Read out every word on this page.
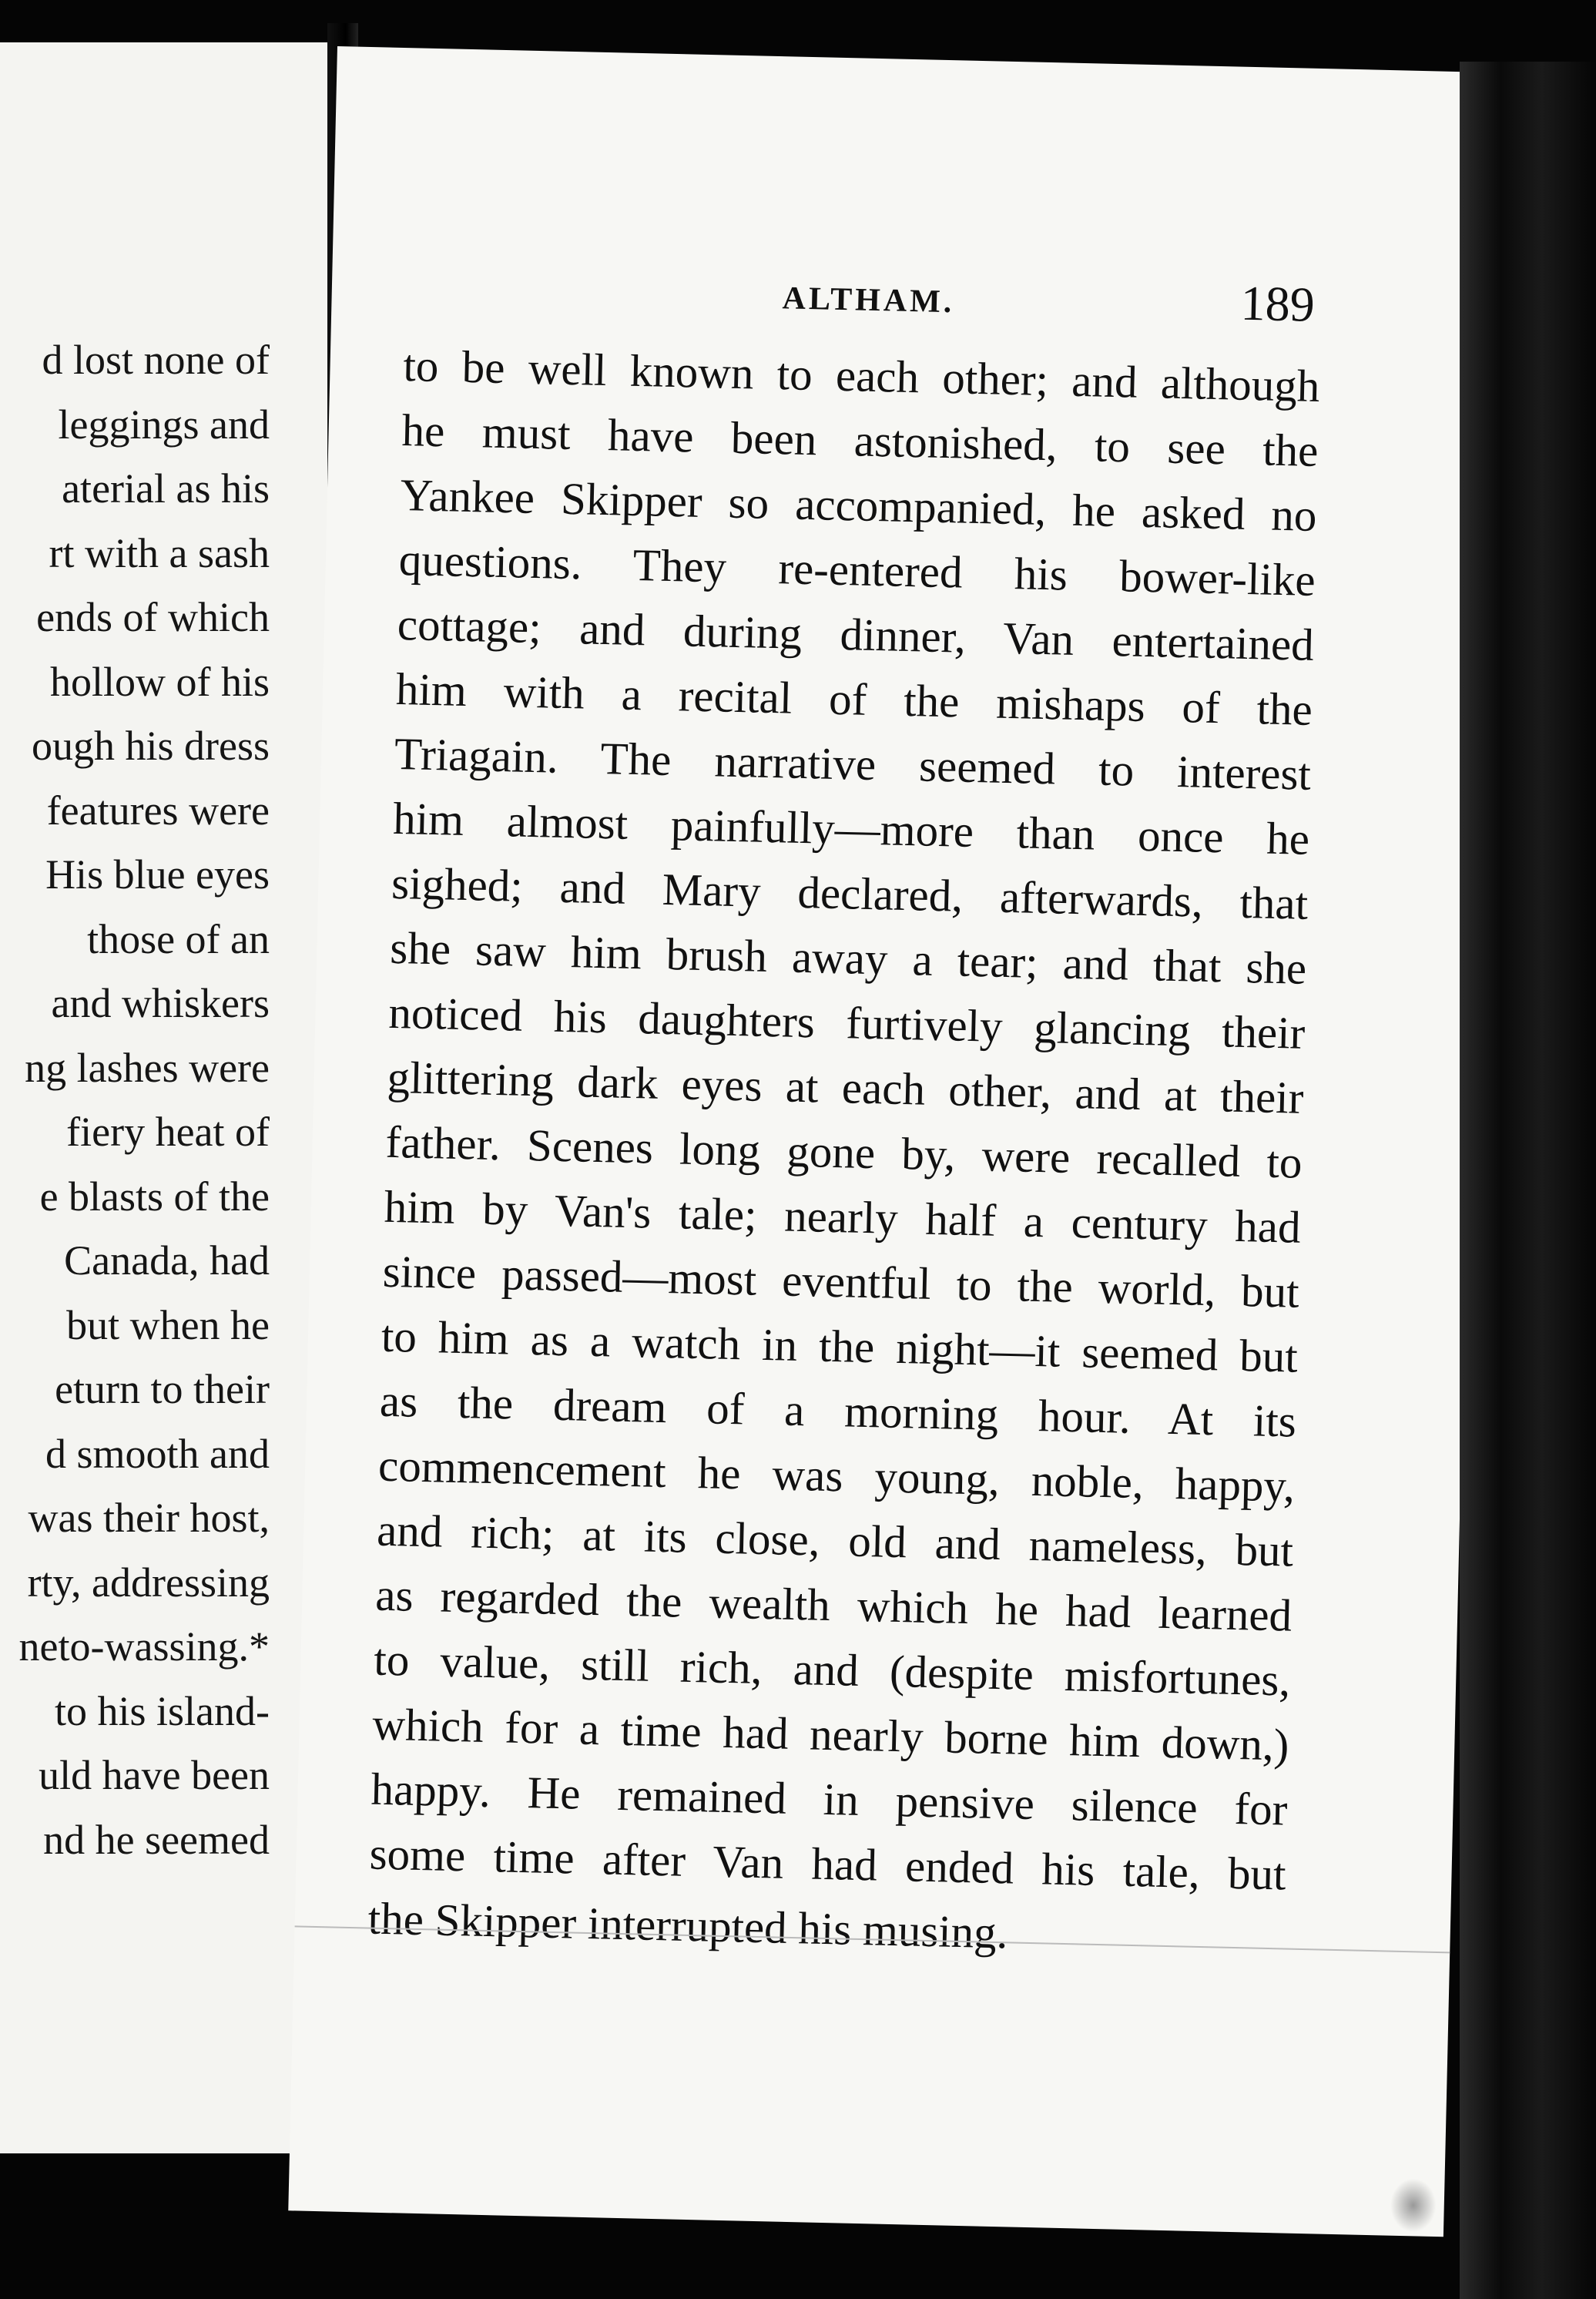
d lost none of
leggings and
aterial as his
rt with a sash
ends of which
hollow of his
ough his dress
features were
His blue eyes
those of an
and whiskers
ng lashes were
fiery heat of
e blasts of the
Canada, had
but when he
eturn to their
d smooth and
was their host,
rty, addressing
neto-wassing.*
to his island-
uld have been
nd he seemed
ALTHAM.	189
to be well known to each other; and although
he must have been astonished, to see the
Yankee Skipper so accompanied, he asked no
questions. They re-entered his bower-like
cottage; and during dinner, Van entertained
him with a recital of the mishaps of the
Triagain. The narrative seemed to interest
him almost painfully—more than once he
sighed; and Mary declared, afterwards, that
she saw him brush away a tear; and that she
noticed his daughters furtively glancing their
glittering dark eyes at each other, and at their
father. Scenes long gone by, were recalled to
him by Van's tale; nearly half a century had
since passed—most eventful to the world, but
to him as a watch in the night—it seemed but
as the dream of a morning hour. At its
commencement he was young, noble, happy,
and rich; at its close, old and nameless, but
as regarded the wealth which he had learned
to value, still rich, and (despite misfortunes,
which for a time had nearly borne him down,)
happy. He remained in pensive silence for
some time after Van had ended his tale, but
the Skipper interrupted his musing.
